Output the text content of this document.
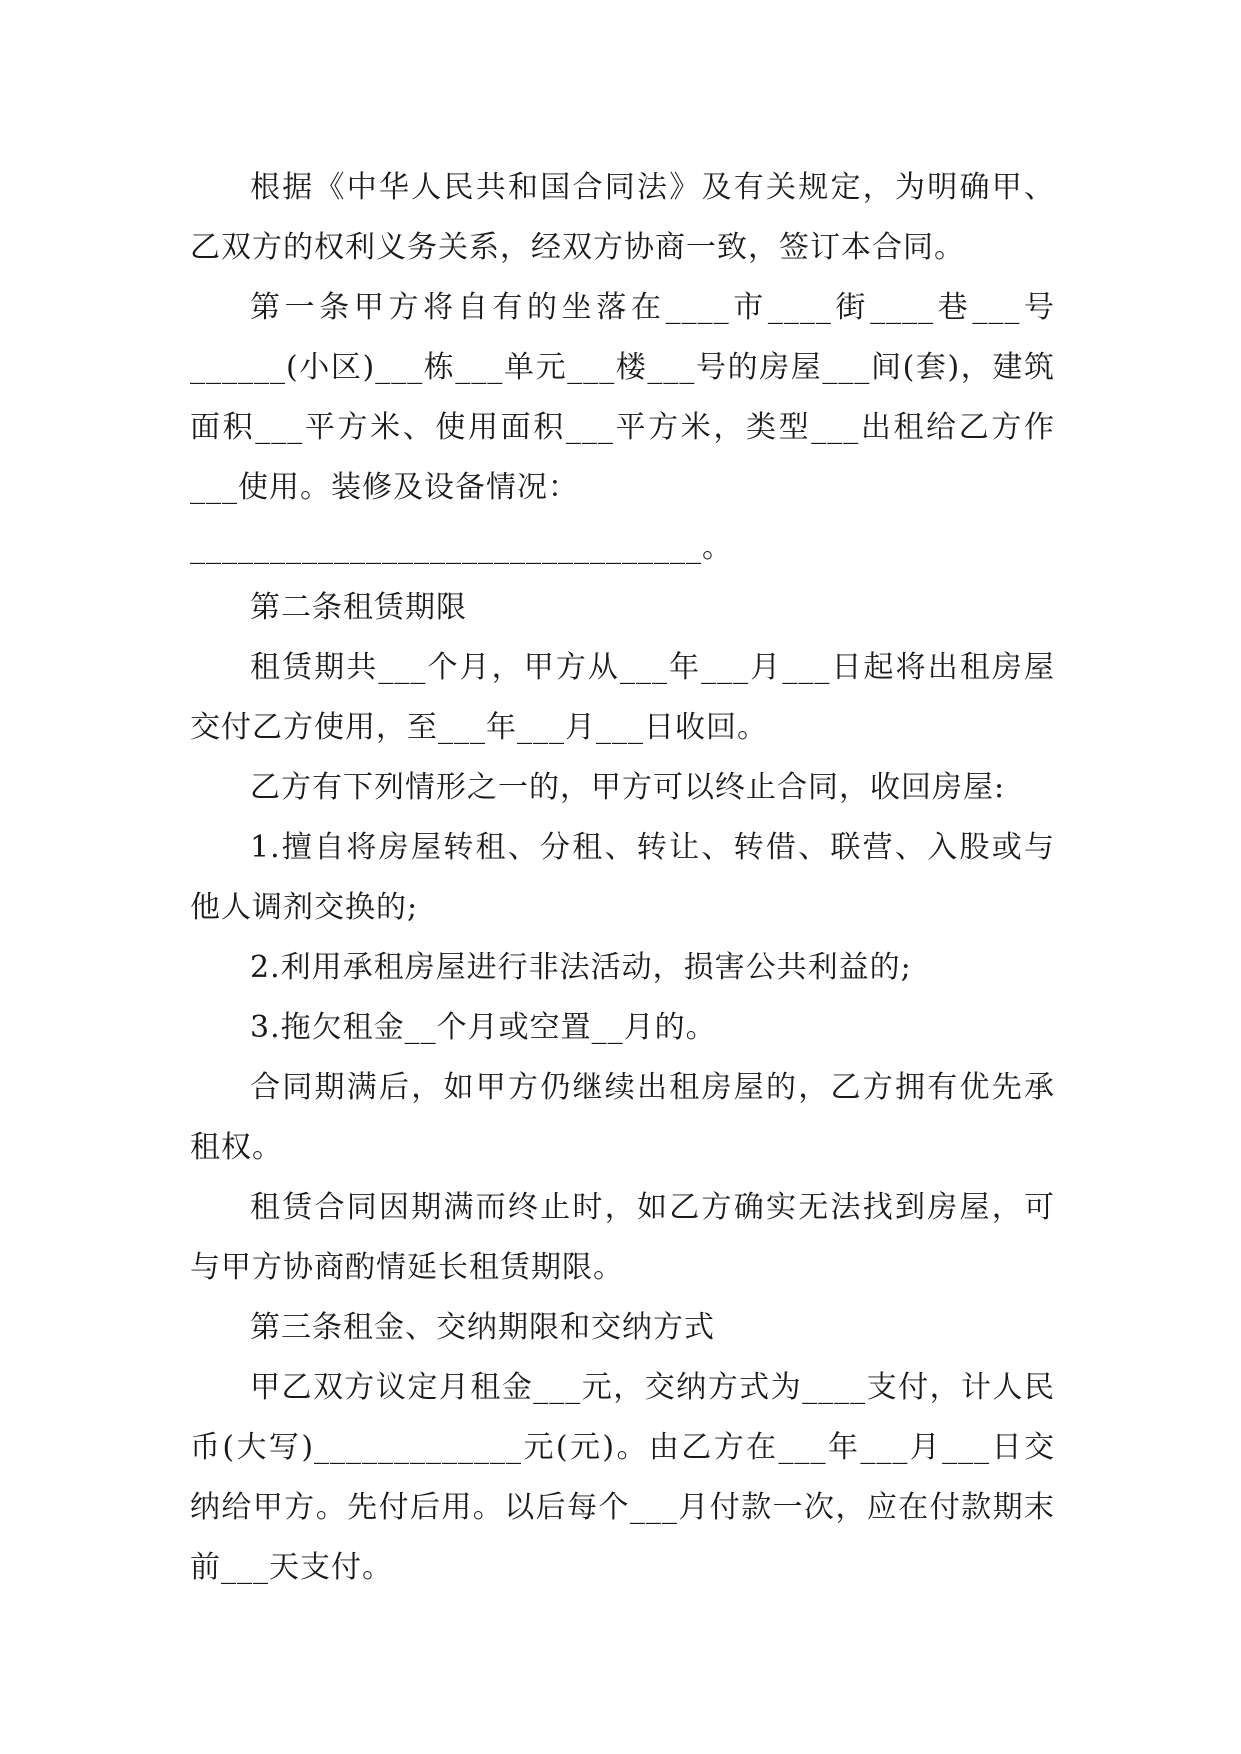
根据《中华人民共和国合同法》及有关规定，为明确甲、乙双方的权利义务关系，经双方协商一致，签订本合同。

第一条甲方将自有的坐落在____市____街____巷___号______(小区)___栋___单元___楼___号的房屋___间(套)，建筑面积___平方米、使用面积___平方米，类型___出租给乙方作___使用。装修及设备情况：

________________________________。

第二条租赁期限

租赁期共___个月，甲方从___年___月___日起将出租房屋交付乙方使用，至___年___月___日收回。

乙方有下列情形之一的，甲方可以终止合同，收回房屋:

1.擅自将房屋转租、分租、转让、转借、联营、入股或与他人调剂交换的;

2.利用承租房屋进行非法活动，损害公共利益的;

3.拖欠租金__个月或空置__月的。

合同期满后，如甲方仍继续出租房屋的，乙方拥有优先承租权。

租赁合同因期满而终止时，如乙方确实无法找到房屋，可与甲方协商酌情延长租赁期限。

第三条租金、交纳期限和交纳方式

甲乙双方议定月租金___元，交纳方式为____支付，计人民币(大写)_____________元(元)。由乙方在___年___月___日交纳给甲方。先付后用。以后每个___月付款一次，应在付款期末前___天支付。
